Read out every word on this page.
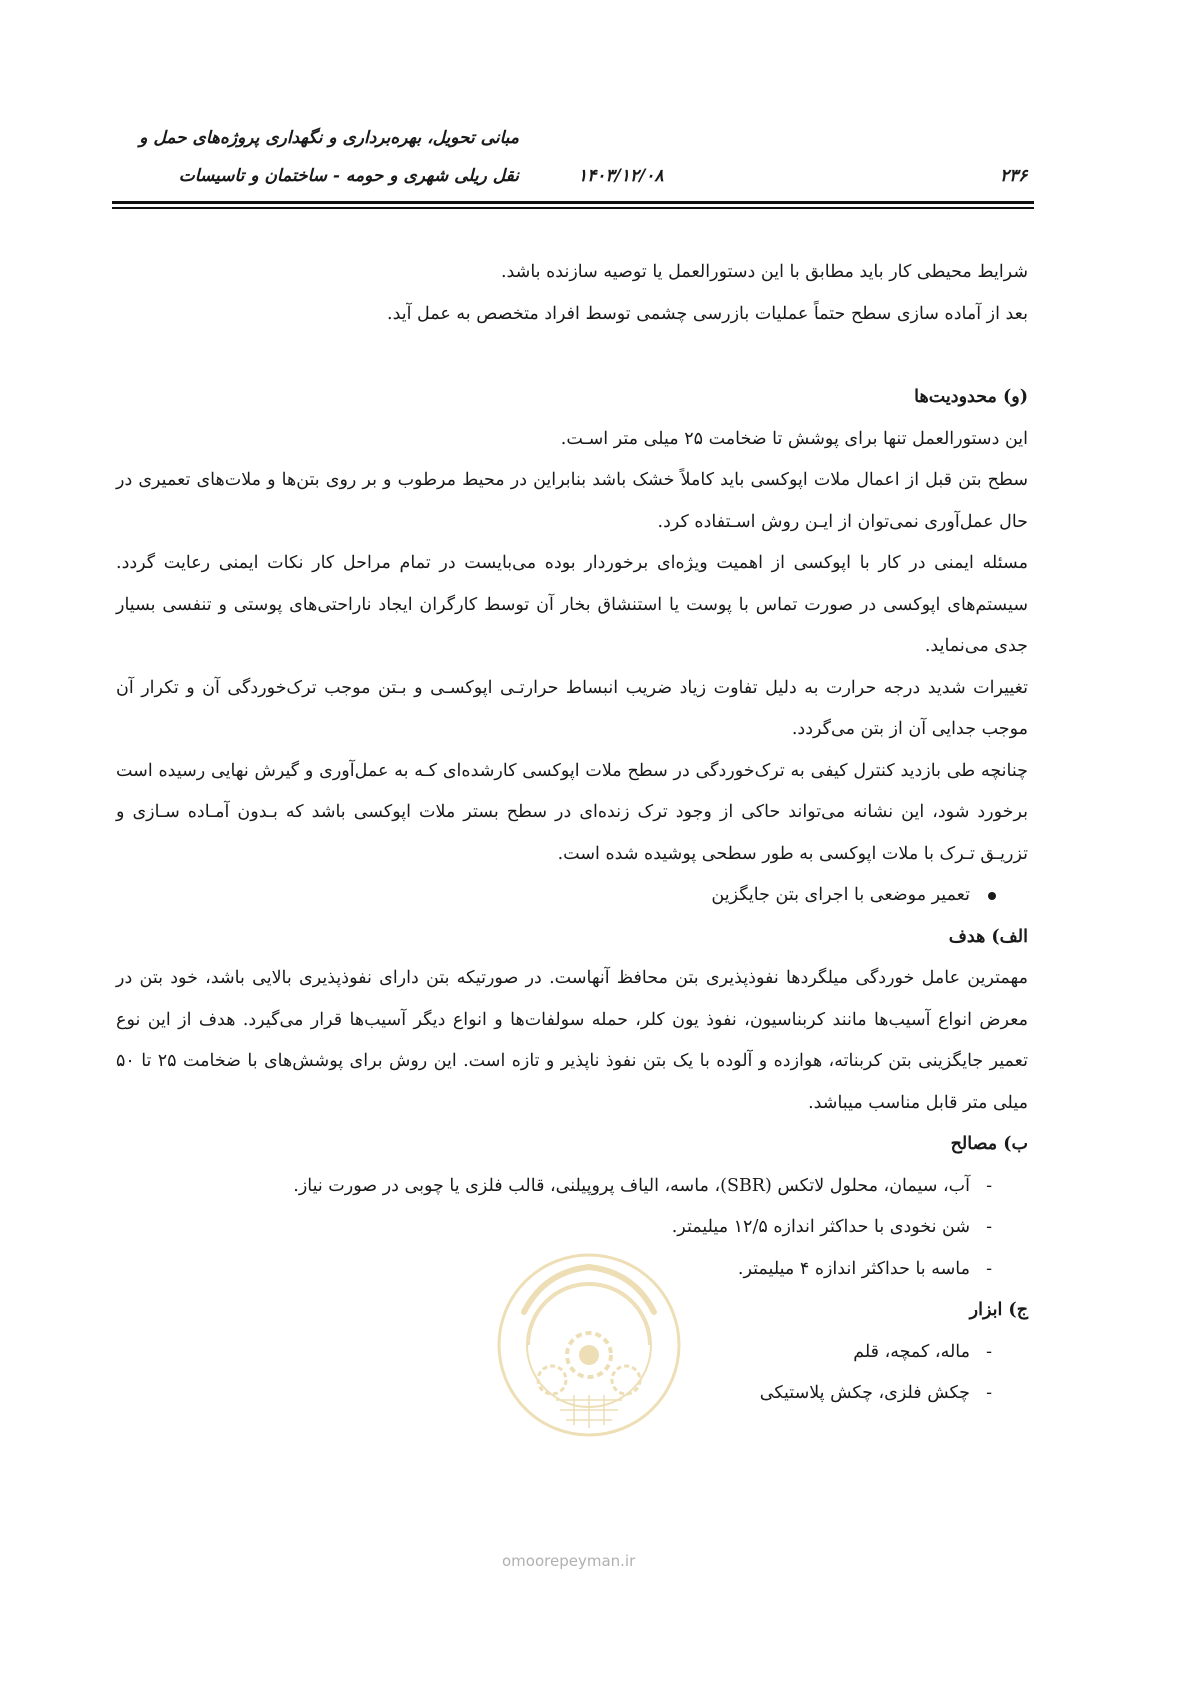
مبانی تحویل، بهره‌برداری و نگهداری پروژه‌های حمل و
نقل ریلی شهری و حومه - ساختمان و تاسیسات	۱۴۰۳/۱۲/۰۸	۲۳۶

شرایط محیطی کار باید مطابق با این دستورالعمل یا توصیه سازنده باشد.

بعد از آماده سازی سطح حتماً عملیات بازرسی چشمی توسط افراد متخصص به عمل آید.

(و) محدودیت‌ها

این دستورالعمل تنها برای پوشش تا ضخامت ۲۵ میلی متر اسـت.

سطح بتن قبل از اعمال ملات اپوکسی باید کاملاً خشک باشد بنابراین در محیط مرطوب و بر روی بتن‌ها و ملات‌های تعمیری در حال عمل‌آوری نمی‌توان از ایـن روش اسـتفاده کرد.

مسئله ایمنی در کار با اپوکسی از اهمیت ویژه‌ای برخوردار بوده می‌بایست در تمام مراحل کار نکات ایمنی رعایت گردد. سیستم‌های اپوکسی در صورت تماس با پوست یا استنشاق بخار آن توسط کارگران ایجاد ناراحتی‌های پوستی و تنفسی بسیار جدی می‌نماید.

تغییرات شدید درجه حرارت به دلیل تفاوت زیاد ضریب انبساط حرارتـی اپوکسـی و بـتن موجب ترک‌خوردگی آن و تکرار آن موجب جدایی آن از بتن می‌گردد.

چنانچه طی بازدید کنترل کیفی به ترک‌خوردگی در سطح ملات اپوکسی کارشده‌ای کـه به عمل‌آوری و گیرش نهایی رسیده است برخورد شود، این نشانه می‌تواند حاکی از وجود ترک زنده‌ای در سطح بستر ملات اپوکسی باشد که بـدون آمـاده سـازی و تزریـق تـرک با ملات اپوکسی به طور سطحی پوشیده شده است.

تعمیر موضعی با اجرای بتن جایگزین
الف) هدف

مهمترین عامل خوردگی میلگردها نفوذپذیری بتن محافظ آنهاست. در صورتیکه بتن دارای نفوذپذیری بالایی باشد، خود بتن در معرض انواع آسیب‌ها مانند کربناسیون، نفوذ یون کلر، حمله سولفات‌ها و انواع دیگر آسیب‌ها قرار می‌گیرد. هدف از این نوع تعمیر جایگزینی بتن کربناته، هوازده و آلوده با یک بتن نفوذ ناپذیر و تازه است. این روش برای پوشش‌های با ضخامت ۲۵ تا ۵۰ میلی متر قابل مناسب میباشد.

ب) مصالح
- آب، سیمان، محلول لاتکس (SBR)، ماسه، الیاف پروپیلنی، قالب فلزی یا چوبی در صورت نیاز.
- شن نخودی با حداکثر اندازه ۱۲/۵ میلیمتر.
- ماسه با حداکثر اندازه ۴ میلیمتر.
ج) ابزار
- ماله، کمچه، قلم
- چکش فلزی، چکش پلاستیکی
omoorepeyman.ir
